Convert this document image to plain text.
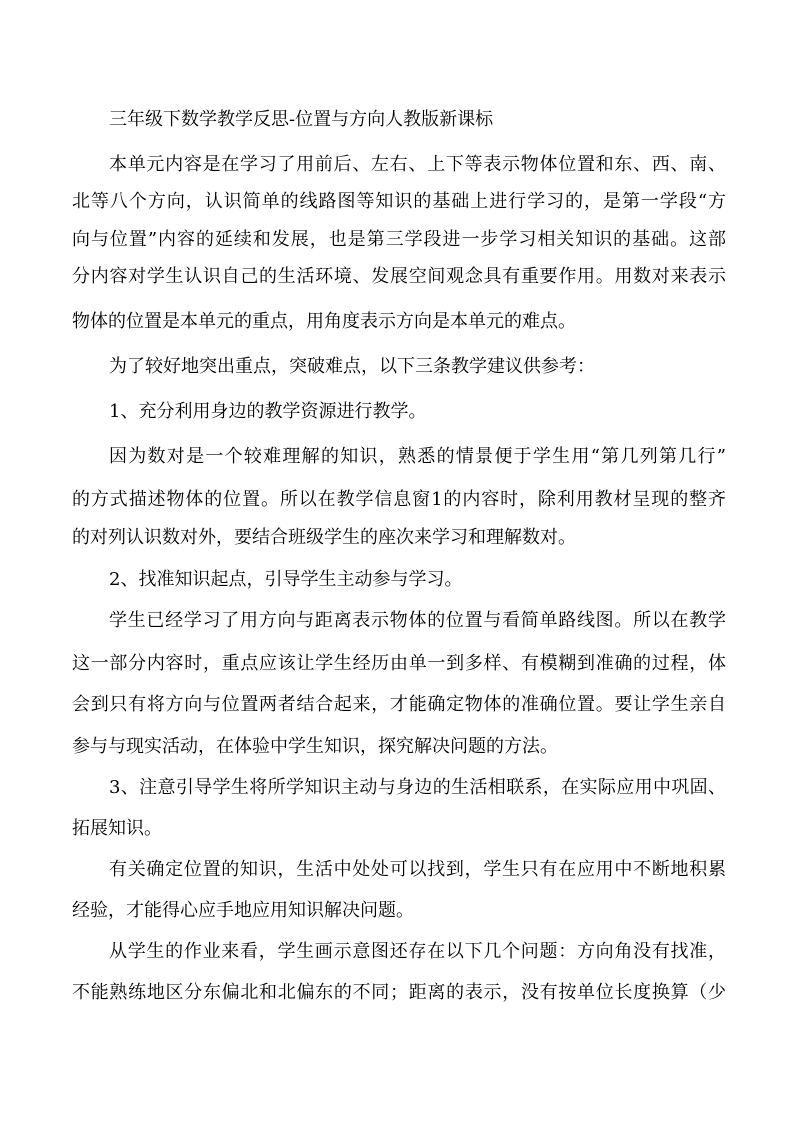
三年级下数学教学反思-位置与方向人教版新课标
本单元内容是在学习了用前后、左右、上下等表示物体位置和东、西、南、
北等八个方向，认识简单的线路图等知识的基础上进行学习的，是第一学段“方
向与位置”内容的延续和发展，也是第三学段进一步学习相关知识的基础。这部
分内容对学生认识自己的生活环境、发展空间观念具有重要作用。用数对来表示
物体的位置是本单元的重点，用角度表示方向是本单元的难点。
为了较好地突出重点，突破难点，以下三条教学建议供参考：
1、充分利用身边的教学资源进行教学。
因为数对是一个较难理解的知识，熟悉的情景便于学生用“第几列第几行”
的方式描述物体的位置。所以在教学信息窗1的内容时，除利用教材呈现的整齐
的对列认识数对外，要结合班级学生的座次来学习和理解数对。
2、找准知识起点，引导学生主动参与学习。
学生已经学习了用方向与距离表示物体的位置与看简单路线图。所以在教学
这一部分内容时，重点应该让学生经历由单一到多样、有模糊到准确的过程，体
会到只有将方向与位置两者结合起来，才能确定物体的准确位置。要让学生亲自
参与与现实活动，在体验中学生知识，探究解决问题的方法。
3、注意引导学生将所学知识主动与身边的生活相联系，在实际应用中巩固、
拓展知识。
有关确定位置的知识，生活中处处可以找到，学生只有在应用中不断地积累
经验，才能得心应手地应用知识解决问题。
从学生的作业来看，学生画示意图还存在以下几个问题：方向角没有找准，
不能熟练地区分东偏北和北偏东的不同；距离的表示，没有按单位长度换算（少
